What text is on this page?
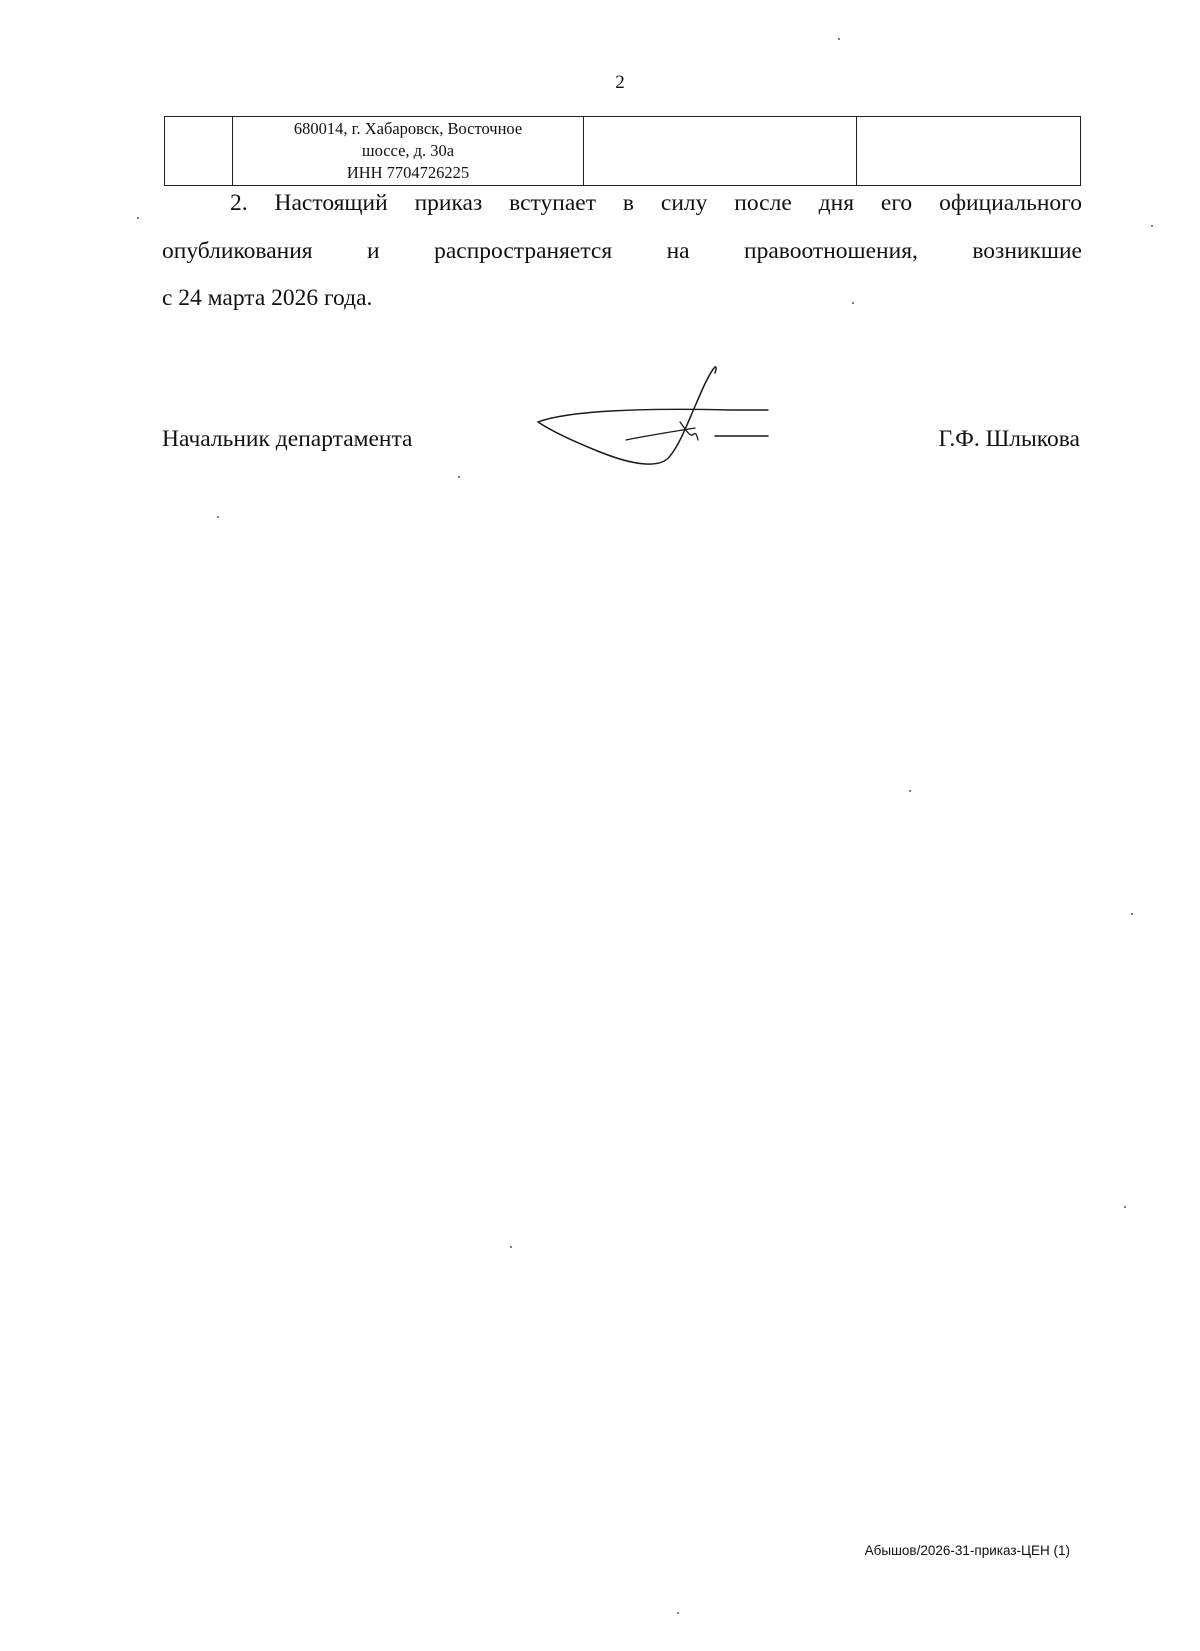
2

680014, г. Хабаровск, Восточное
шоссе, д. 30а
ИНН 7704726225

2. Настоящий приказ вступает в силу после дня его официального
опубликования и распространяется на правоотношения, возникшие
с 24 марта 2026 года.
Начальник департамента	Г.Ф. Шлыкова
Абышов/2026-31-приказ-ЦЕН (1)
